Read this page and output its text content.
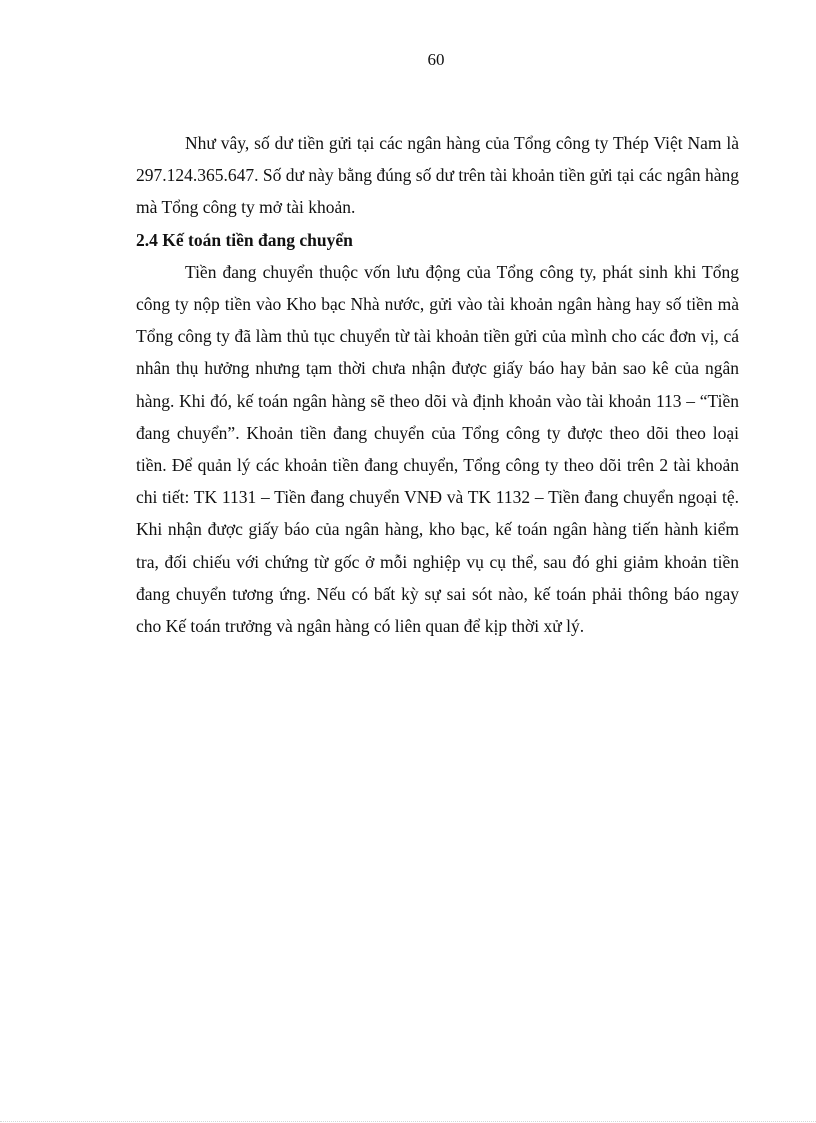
60

Như vây, số dư tiền gửi tại các ngân hàng của Tổng công ty Thép Việt Nam là 297.124.365.647. Số dư này bằng đúng số dư trên tài khoản tiền gửi tại các ngân hàng mà Tổng công ty mở tài khoản.

2.4 Kế toán tiền đang chuyển

Tiền đang chuyển thuộc vốn lưu động của Tổng công ty, phát sinh khi Tổng công ty nộp tiền vào Kho bạc Nhà nước, gửi vào tài khoản ngân hàng hay số tiền mà Tổng công ty đã làm thủ tục chuyển từ tài khoản tiền gửi của mình cho các đơn vị, cá nhân thụ hưởng nhưng tạm thời chưa nhận được giấy báo hay bản sao kê của ngân hàng. Khi đó, kế toán ngân hàng sẽ theo dõi và định khoản vào tài khoản 113 – “Tiền đang chuyển”. Khoản tiền đang chuyển của Tổng công ty được theo dõi theo loại tiền. Để quản lý các khoản tiền đang chuyển, Tổng công ty theo dõi trên 2 tài khoản chi tiết: TK 1131 – Tiền đang chuyển VNĐ và TK 1132 – Tiền đang chuyển ngoại tệ. Khi nhận được giấy báo của ngân hàng, kho bạc, kế toán ngân hàng tiến hành kiểm tra, đối chiếu với chứng từ gốc ở mỗi nghiệp vụ cụ thể, sau đó ghi giảm khoản tiền đang chuyển tương ứng. Nếu có bất kỳ sự sai sót nào, kế toán phải thông báo ngay cho Kế toán trưởng và ngân hàng có liên quan để kịp thời xử lý.
